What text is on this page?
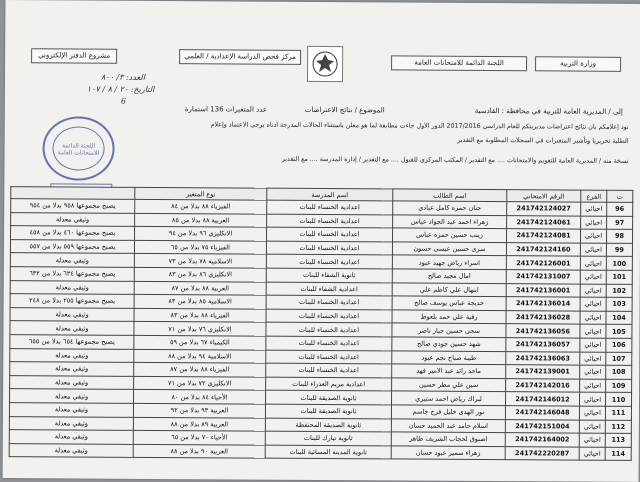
وزارة التربية
اللجنة الدائمة للامتحانات العامة
مركز فحص الدراسة الإعدادية / العلمي
مشروع الدفتر الإلكتروني
العدد: ٣/ ٨٠٠
التاريخ: ٢٠ / ٨ / ١٠٧
6
إلى / المديرية العامة للتربية في محافظة : القادسية
الموضوع / نتائج الاعتراضات
عدد المتغيرات 136 استمارة
نود إعلامكم بأن نتائج اعتراضات مديريتكم للعام الدراسي 2017/2016 الدور الأول جاءت مطابقة لما هو معلن باستثناء الحالات المدرجة أدناه يرجى الاعتماد وإعلام
الطلبة تحريريا وتأشير المتغيرات في السجلات المطلوبة مع التقدير
نسخة منه / المديرية العامة للتقويم والامتحانات .... مع التقدير / المكتب المركزي للقبول .... مع التقدير / إدارة المدرسة .... مع التقدير
اللجنة الدائمة للامتحانات العامة
ت	الفرع	الرقم الامتحاني	اسم الطالب	اسم المدرسة	نوع المتغير	
96	احيائي	241742124027	جنان حمزه كامل عبادي	اعدادية الخنساء للبنات	الفيزياء ٨٨ بدلا من ٨٤	يصبح مجموعها ٩٥٨ بدلا من ٩٥٤
97	احيائي	241742124061	زهراء احمد عبد الجواد عباس	اعدادية الخنساء للبنات	العربية ٨٨ بدلا من ٨٥	وثيقي معدلة
98	احيائي	241742124081	زينب حسين حمزه عباس	اعدادية الخنساء للبنات	الانكليزي ٩٦ بدلا من ٩٤	يصبح مجموعها ٤٦٠ بدلا من ٤٥٨
99	احيائي	241742124160	سرى حسين عيسى حسون	اعدادية الخنساء للبنات	الفيزياء ٧٥ بدلا من ٦٥	يصبح مجموعها ٥٥٩ بدلا من ٥٥٧
100	احيائي	241742126001	اسراء رياض جهيد عبود	اعدادية الخنساء للبنات	الاسلامية ٧٨ بدلا من ٧٣	وثيقي معدلة
101	احيائي	241742131007	امال مجيد صالح	ثانوية الشفاء للبنات	الانكليزي ٨٦ بدلا من ٨٣	يصبح مجموعها ٦٣٤ بدلا من ٦٣٢
102	احيائي	241742136001	ابتهال علي كاظم علي	اعدادية الشفاء للبنات	العربية ٨٨ بدلا من ٨٧	وثيقي معدلة
103	احيائي	241742136014	خديجة عباس يوسف صالح	اعدادية الخنساء للبنات	الاسلامية ٨٥ بدلا من ٨٣	يصبح مجموعها ٢٥٥ بدلا من ٢٤٨
104	احيائي	241742136028	رقية علي حمد بلعوط	اعدادية الخنساء للبنات	الفيزياء ٨٨ بدلا من ٨٣	وثيقي معدلة
105	احيائي	241742136056	سجى حسين جبار ناصر	اعدادية الخنساء للبنات	الانكليزي ٧٦ بدلا من ٧١	وثيقي معدلة
106	احيائي	241742136057	شهد حسين جودي صالح	اعدادية الخنساء للبنات	الكيمياء ٦٧ بدلا من ٥٩	يصبح مجموعها ٦٥٤ بدلا من ٦٥٥
107	احيائي	241742136063	طيبة صباح نجم عبود	اعدادية الخنساء للبنات	الاسلامية ٩٤ بدلا من ٨٨	وثيقي معدلة
108	احيائي	241742139001	ماجد رائد عبد الامير فهد	اعدادية الخنساء للبنات	الفيزياء ٨٨ بدلا من ٨٧	وثيقي معدلة
109	احيائي	241742142016	سين علي مطر حسين	اعدادية مريم العذراء للبنات	الانكليزي ٧٢ بدلا من ٧١	وثيقي معدلة
110	احيائي	241742146012	لبراك رياض احمد ستيري	ثانوية الصديقة للبنات	الأحياء ٨٤ بدلا من ٨٠	وثيقي معدلة
111	احيائي	241742146048	نور الهدى خليل فرج جاسم	ثانوية الصديقة للبنات	العربية ٩٣ بدلا من ٩٢	وثيقي معدلة
112	احيائي	241742151004	اسلام حامد عبد الحميد حسان	ثانوية الصديقة المحتفظة	العربية ٨٩ بدلا من ٨٨	وثيقي معدلة
113	احيائي	241742164002	اصبوق لحجاب الشريف طاهر	ثانوية تبارك للبنات	الأحياء ٧٠ بدلا من ٦٥	وثيقي معدلة
114	احيائي	241742220287	زهراء سمير عبود حسان	ثانوية المدينة المسائية للبنات	العربية ٩٠ بدلا من ٨٨	وثيقي معدلة
